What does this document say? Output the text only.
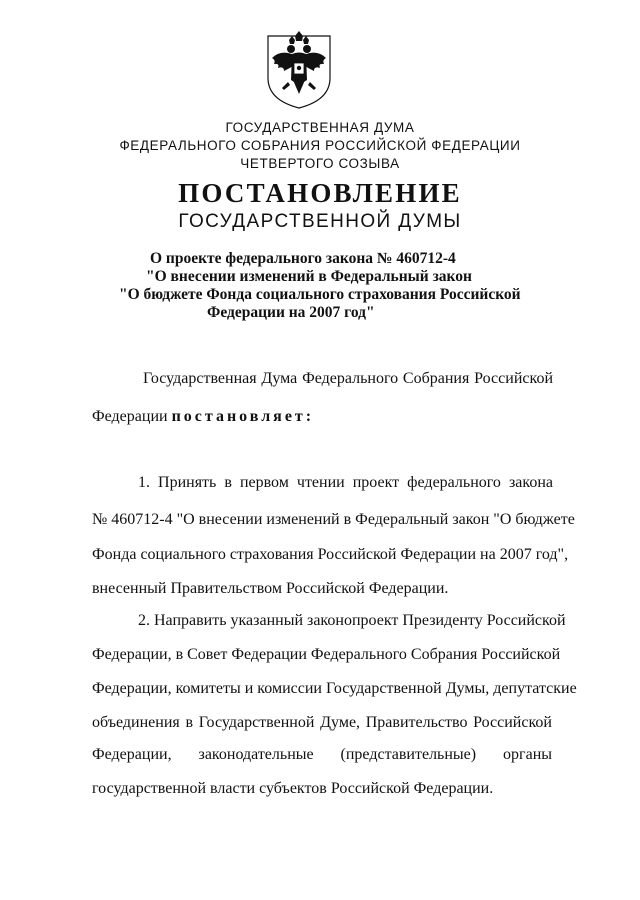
ГОСУДАРСТВЕННАЯ ДУМА
ФЕДЕРАЛЬНОГО СОБРАНИЯ РОССИЙСКОЙ ФЕДЕРАЦИИ
ЧЕТВЕРТОГО СОЗЫВА
ПОСТАНОВЛЕНИЕ
ГОСУДАРСТВЕННОЙ ДУМЫ
О проекте федерального закона № 460712-4
"О внесении изменений в Федеральный закон
"О бюджете Фонда социального страхования Российской
Федерации на 2007 год"
Государственная Дума Федерального Собрания Российской
Федерации постановляет:
1. Принять в первом чтении проект федерального закона
№ 460712-4 "О внесении изменений в Федеральный закон "О бюджете
Фонда социального страхования Российской Федерации на 2007 год",
внесенный Правительством Российской Федерации.
2. Направить указанный законопроект Президенту Российской
Федерации, в Совет Федерации Федерального Собрания Российской
Федерации, комитеты и комиссии Государственной Думы, депутатские
объединения в Государственной Думе, Правительство Российской
Федерации, законодательные (представительные) органы
государственной власти субъектов Российской Федерации.
